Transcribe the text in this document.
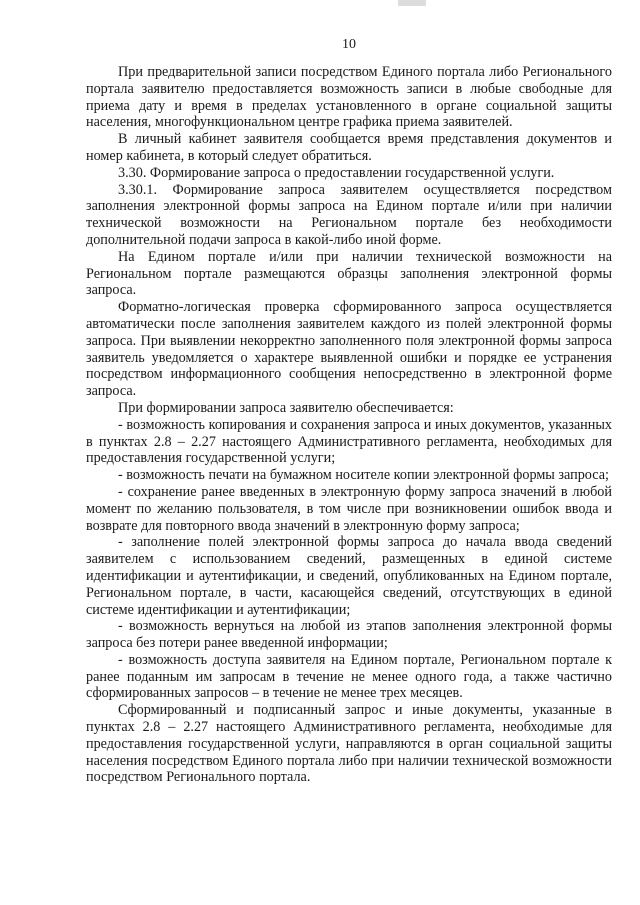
10

При предварительной записи посредством Единого портала либо Регионального портала заявителю предоставляется возможность записи в любые свободные для приема дату и время в пределах установленного в органе социальной защиты населения, многофункциональном центре графика приема заявителей.

В личный кабинет заявителя сообщается время представления документов и номер кабинета, в который следует обратиться.

3.30. Формирование запроса о предоставлении государственной услуги.

3.30.1. Формирование запроса заявителем осуществляется посредством заполнения электронной формы запроса на Едином портале и/или при наличии технической возможности на Региональном портале без необходимости дополнительной подачи запроса в какой-либо иной форме.

На Едином портале и/или при наличии технической возможности на Региональном портале размещаются образцы заполнения электронной формы запроса.

Форматно-логическая проверка сформированного запроса осуществляется автоматически после заполнения заявителем каждого из полей электронной формы запроса. При выявлении некорректно заполненного поля электронной формы запроса заявитель уведомляется о характере выявленной ошибки и порядке ее устранения посредством информационного сообщения непосредственно в электронной форме запроса.

При формировании запроса заявителю обеспечивается:

- возможность копирования и сохранения запроса и иных документов, указанных в пунктах 2.8 – 2.27 настоящего Административного регламента, необходимых для предоставления государственной услуги;

- возможность печати на бумажном носителе копии электронной формы запроса;

- сохранение ранее введенных в электронную форму запроса значений в любой момент по желанию пользователя, в том числе при возникновении ошибок ввода и возврате для повторного ввода значений в электронную форму запроса;

- заполнение полей электронной формы запроса до начала ввода сведений заявителем с использованием сведений, размещенных в единой системе идентификации и аутентификации, и сведений, опубликованных на Едином портале, Региональном портале, в части, касающейся сведений, отсутствующих в единой системе идентификации и аутентификации;

- возможность вернуться на любой из этапов заполнения электронной формы запроса без потери ранее введенной информации;

- возможность доступа заявителя на Едином портале, Региональном портале к ранее поданным им запросам в течение не менее одного года, а также частично сформированных запросов – в течение не менее трех месяцев.

Сформированный и подписанный запрос и иные документы, указанные в пунктах 2.8 – 2.27 настоящего Административного регламента, необходимые для предоставления государственной услуги, направляются в орган социальной защиты населения посредством Единого портала либо при наличии технической возможности посредством Регионального портала.
